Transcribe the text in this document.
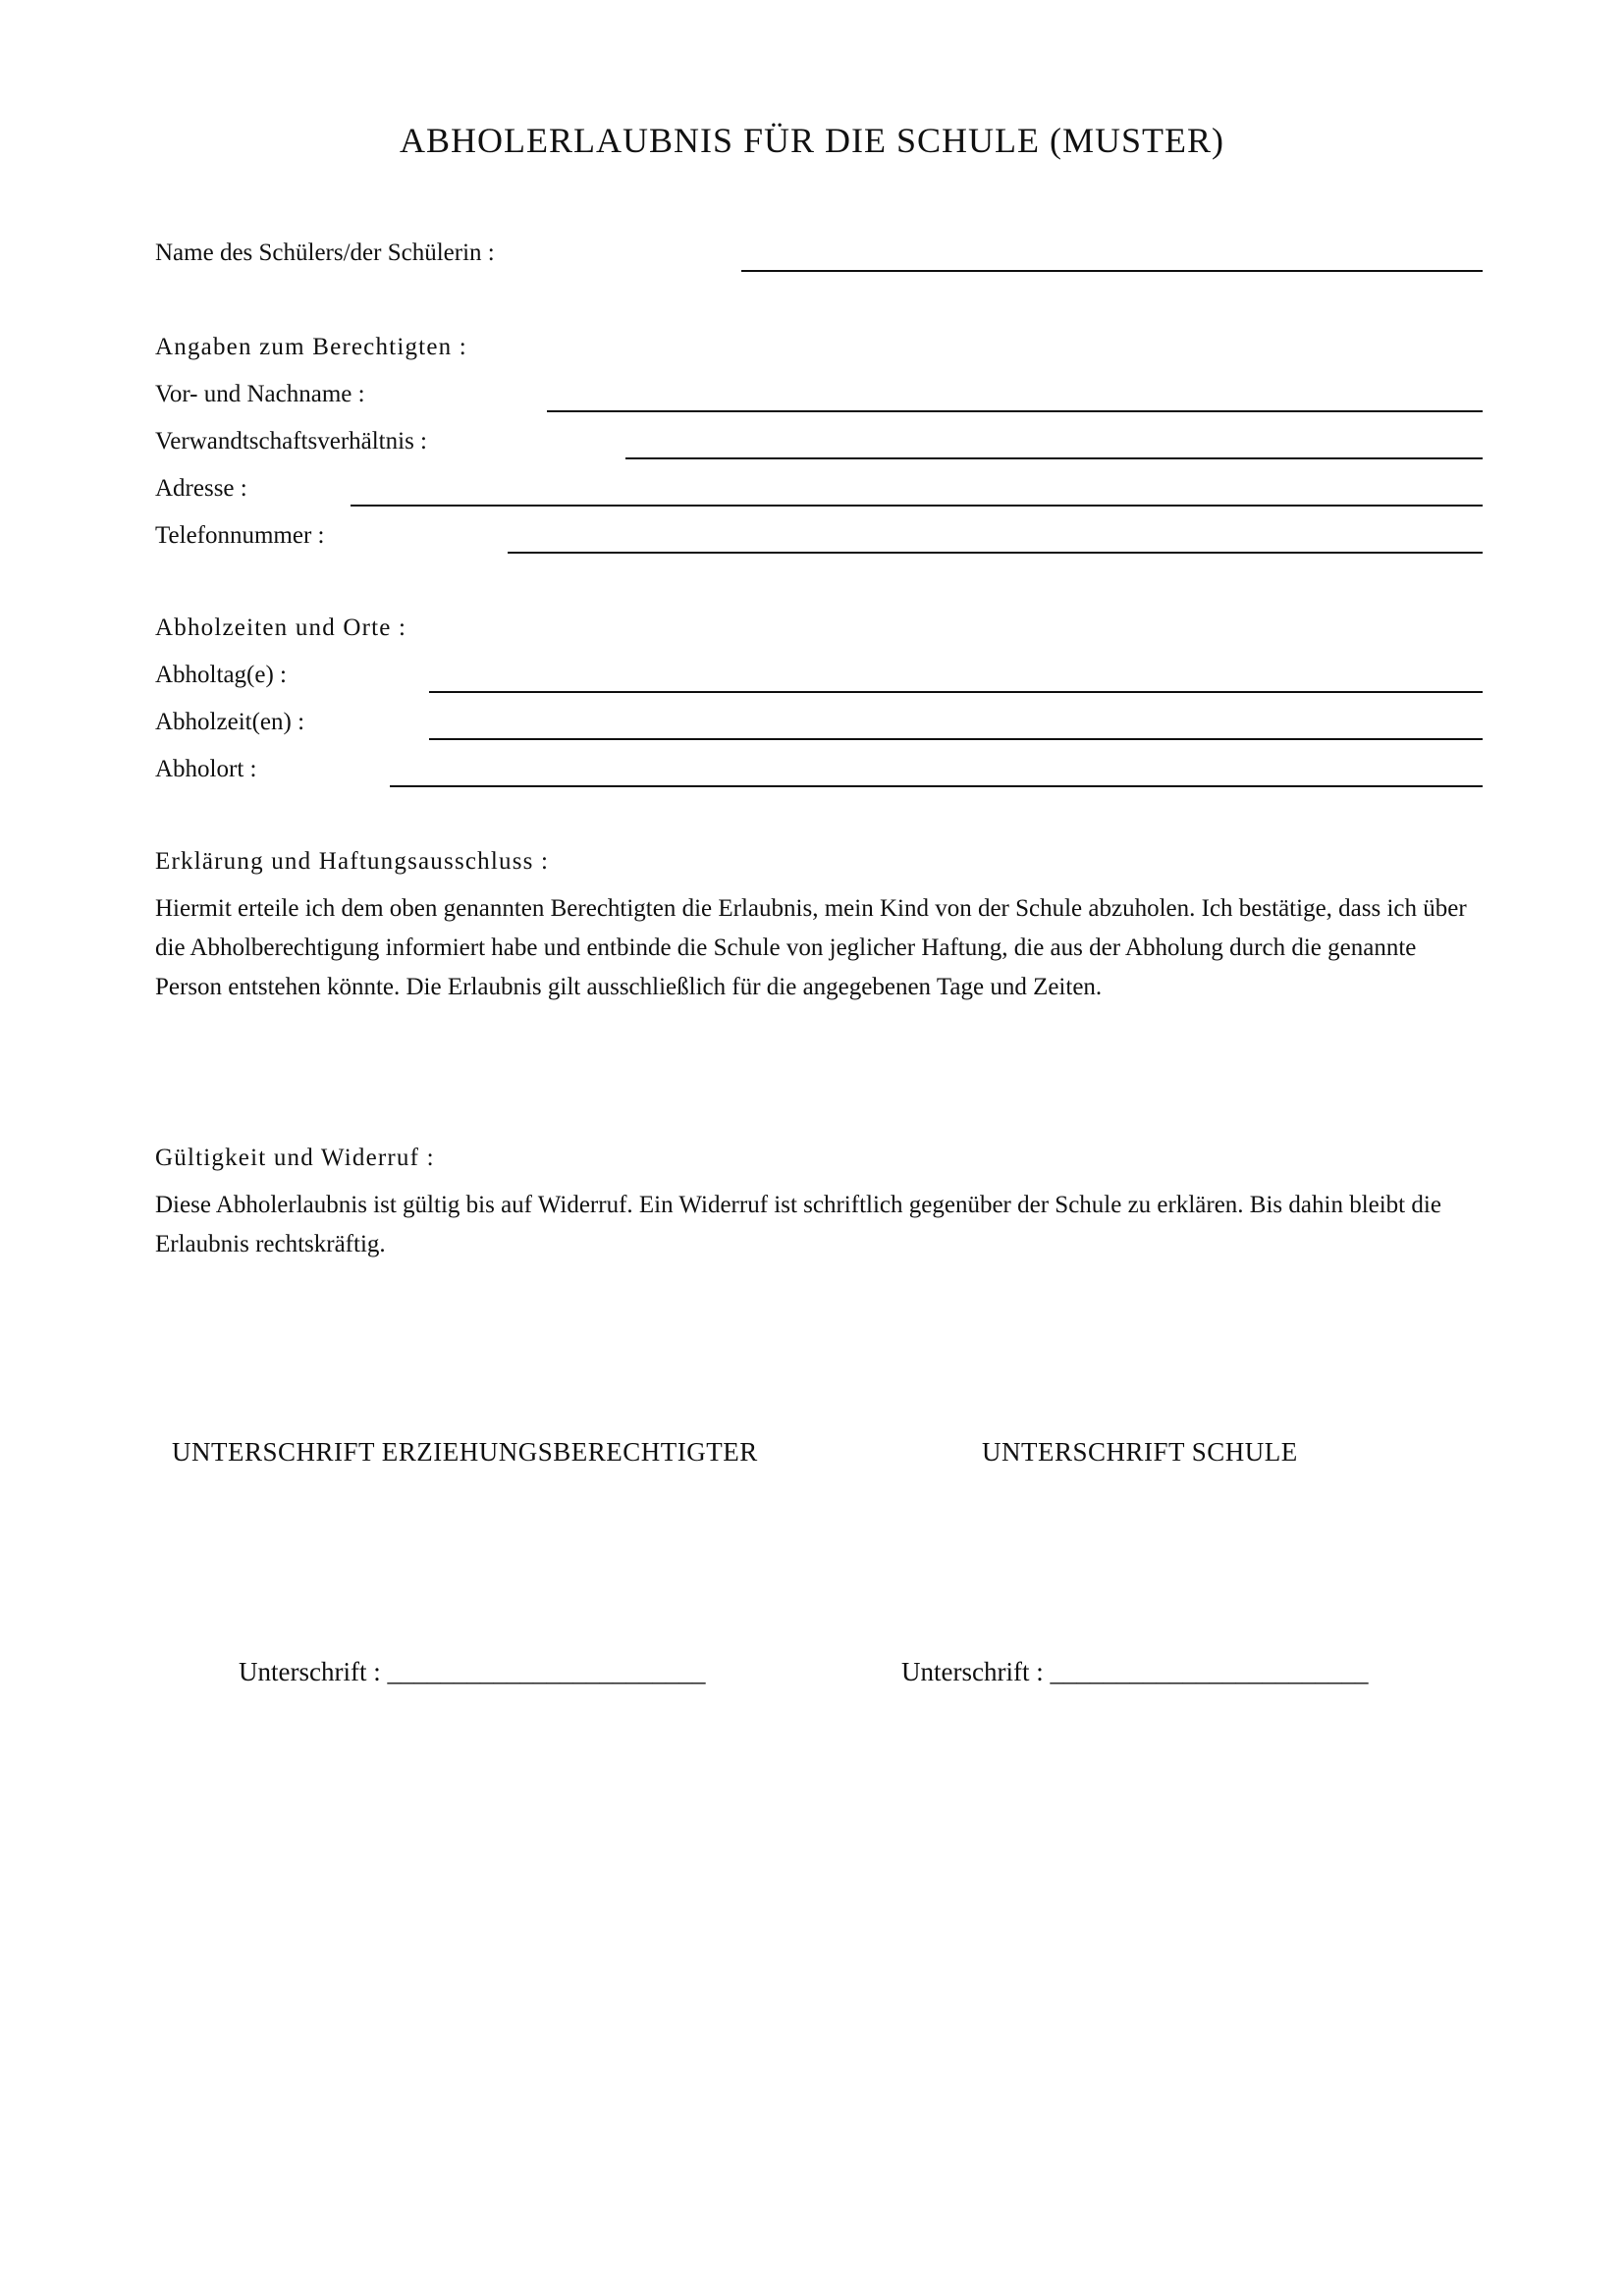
ABHOLERLAUBNIS FÜR DIE SCHULE (MUSTER)
Name des Schülers/der Schülerin :
Angaben zum Berechtigten :
Vor- und Nachname :
Verwandtschaftsverhältnis :
Adresse :
Telefonnummer :
Abholzeiten und Orte :
Abholtag(e) :
Abholzeit(en) :
Abholort :
Erklärung und Haftungsausschluss :
Hiermit erteile ich dem oben genannten Berechtigten die Erlaubnis, mein Kind von der Schule abzuholen. Ich bestätige, dass ich über die Abholberechtigung informiert habe und entbinde die Schule von jeglicher Haftung, die aus der Abholung durch die genannte Person entstehen könnte. Die Erlaubnis gilt ausschließlich für die angegebenen Tage und Zeiten.
Gültigkeit und Widerruf :
Diese Abholerlaubnis ist gültig bis auf Widerruf. Ein Widerruf ist schriftlich gegenüber der Schule zu erklären. Bis dahin bleibt die Erlaubnis rechtskräftig.
UNTERSCHRIFT ERZIEHUNGSBERECHTIGTER	UNTERSCHRIFT SCHULE
Unterschrift : ________________________	Unterschrift : ________________________
